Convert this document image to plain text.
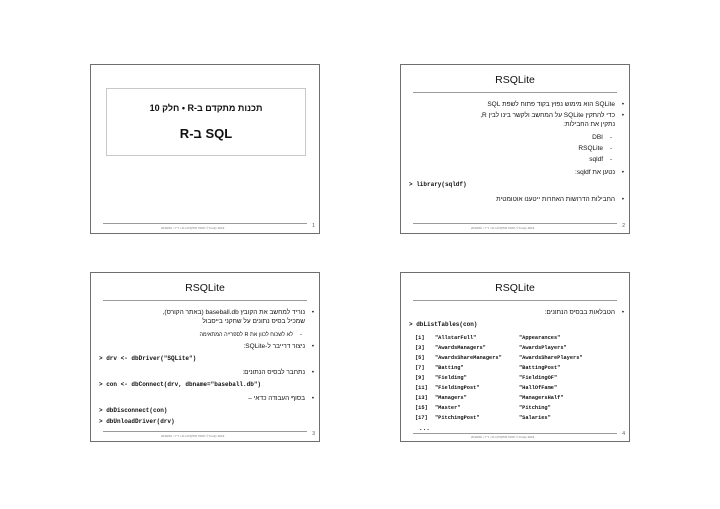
תכנות מתקדם ב-R • חלק 10
SQL ב-R
Foofy 2019 © תכנות מתקדם ב-R • ד"ר • 2019/20	1
RSQLite
•
SQLite הוא מימוש נפוץ בקוד פתוח לשפת SQL
•
כדי להתקין SQLite על המחשב ולקשר בינו לבין R,
נתקין את החבילות:
-
DBI
-
RSQLite
-
sqldf
•
נטען את sqldf:
> library(sqldf)
•
החבילות הדרושות האחרות ייטענו אוטומטית
Foofy 2019 © תכנות מתקדם ב-R • ד"ר • 2019/20	2
RSQLite
•
נוריד למחשב את הקובץ baseball.db (באתר הקורס),
שמכיל בסיס נתונים על שחקני בייסבול
-
לא לשכוח לכוון את R לספרייה המתאימה
•
ניצור דרייבר ל-SQLite:
> drv <- dbDriver("SQLite")
•
נתחבר לבסיס הנתונים:
> con <- dbConnect(drv, dbname="baseball.db")
•
בסוף העבודה כדאי –
> dbDisconnect(con)
> dbUnloadDriver(drv)
Foofy 2019 © תכנות מתקדם ב-R • ד"ר • 2019/20	3
RSQLite
•
הטבלאות בבסיס הנתונים:
> dbListTables(con)
[1] "AllstarFull"	"Appearances"
[3] "AwardsManagers"	"AwardsPlayers"
[5] "AwardsShareManagers"	"AwardsSharePlayers"
[7] "Batting"	"BattingPost"
[9] "Fielding"	"FieldingOF"
[11] "FieldingPost"	"HallOfFame"
[13] "Managers"	"ManagersHalf"
[15] "Master"	"Pitching"
[17] "PitchingPost"	"Salaries"
...
Foofy 2019 © תכנות מתקדם ב-R • ד"ר • 2019/20	4
